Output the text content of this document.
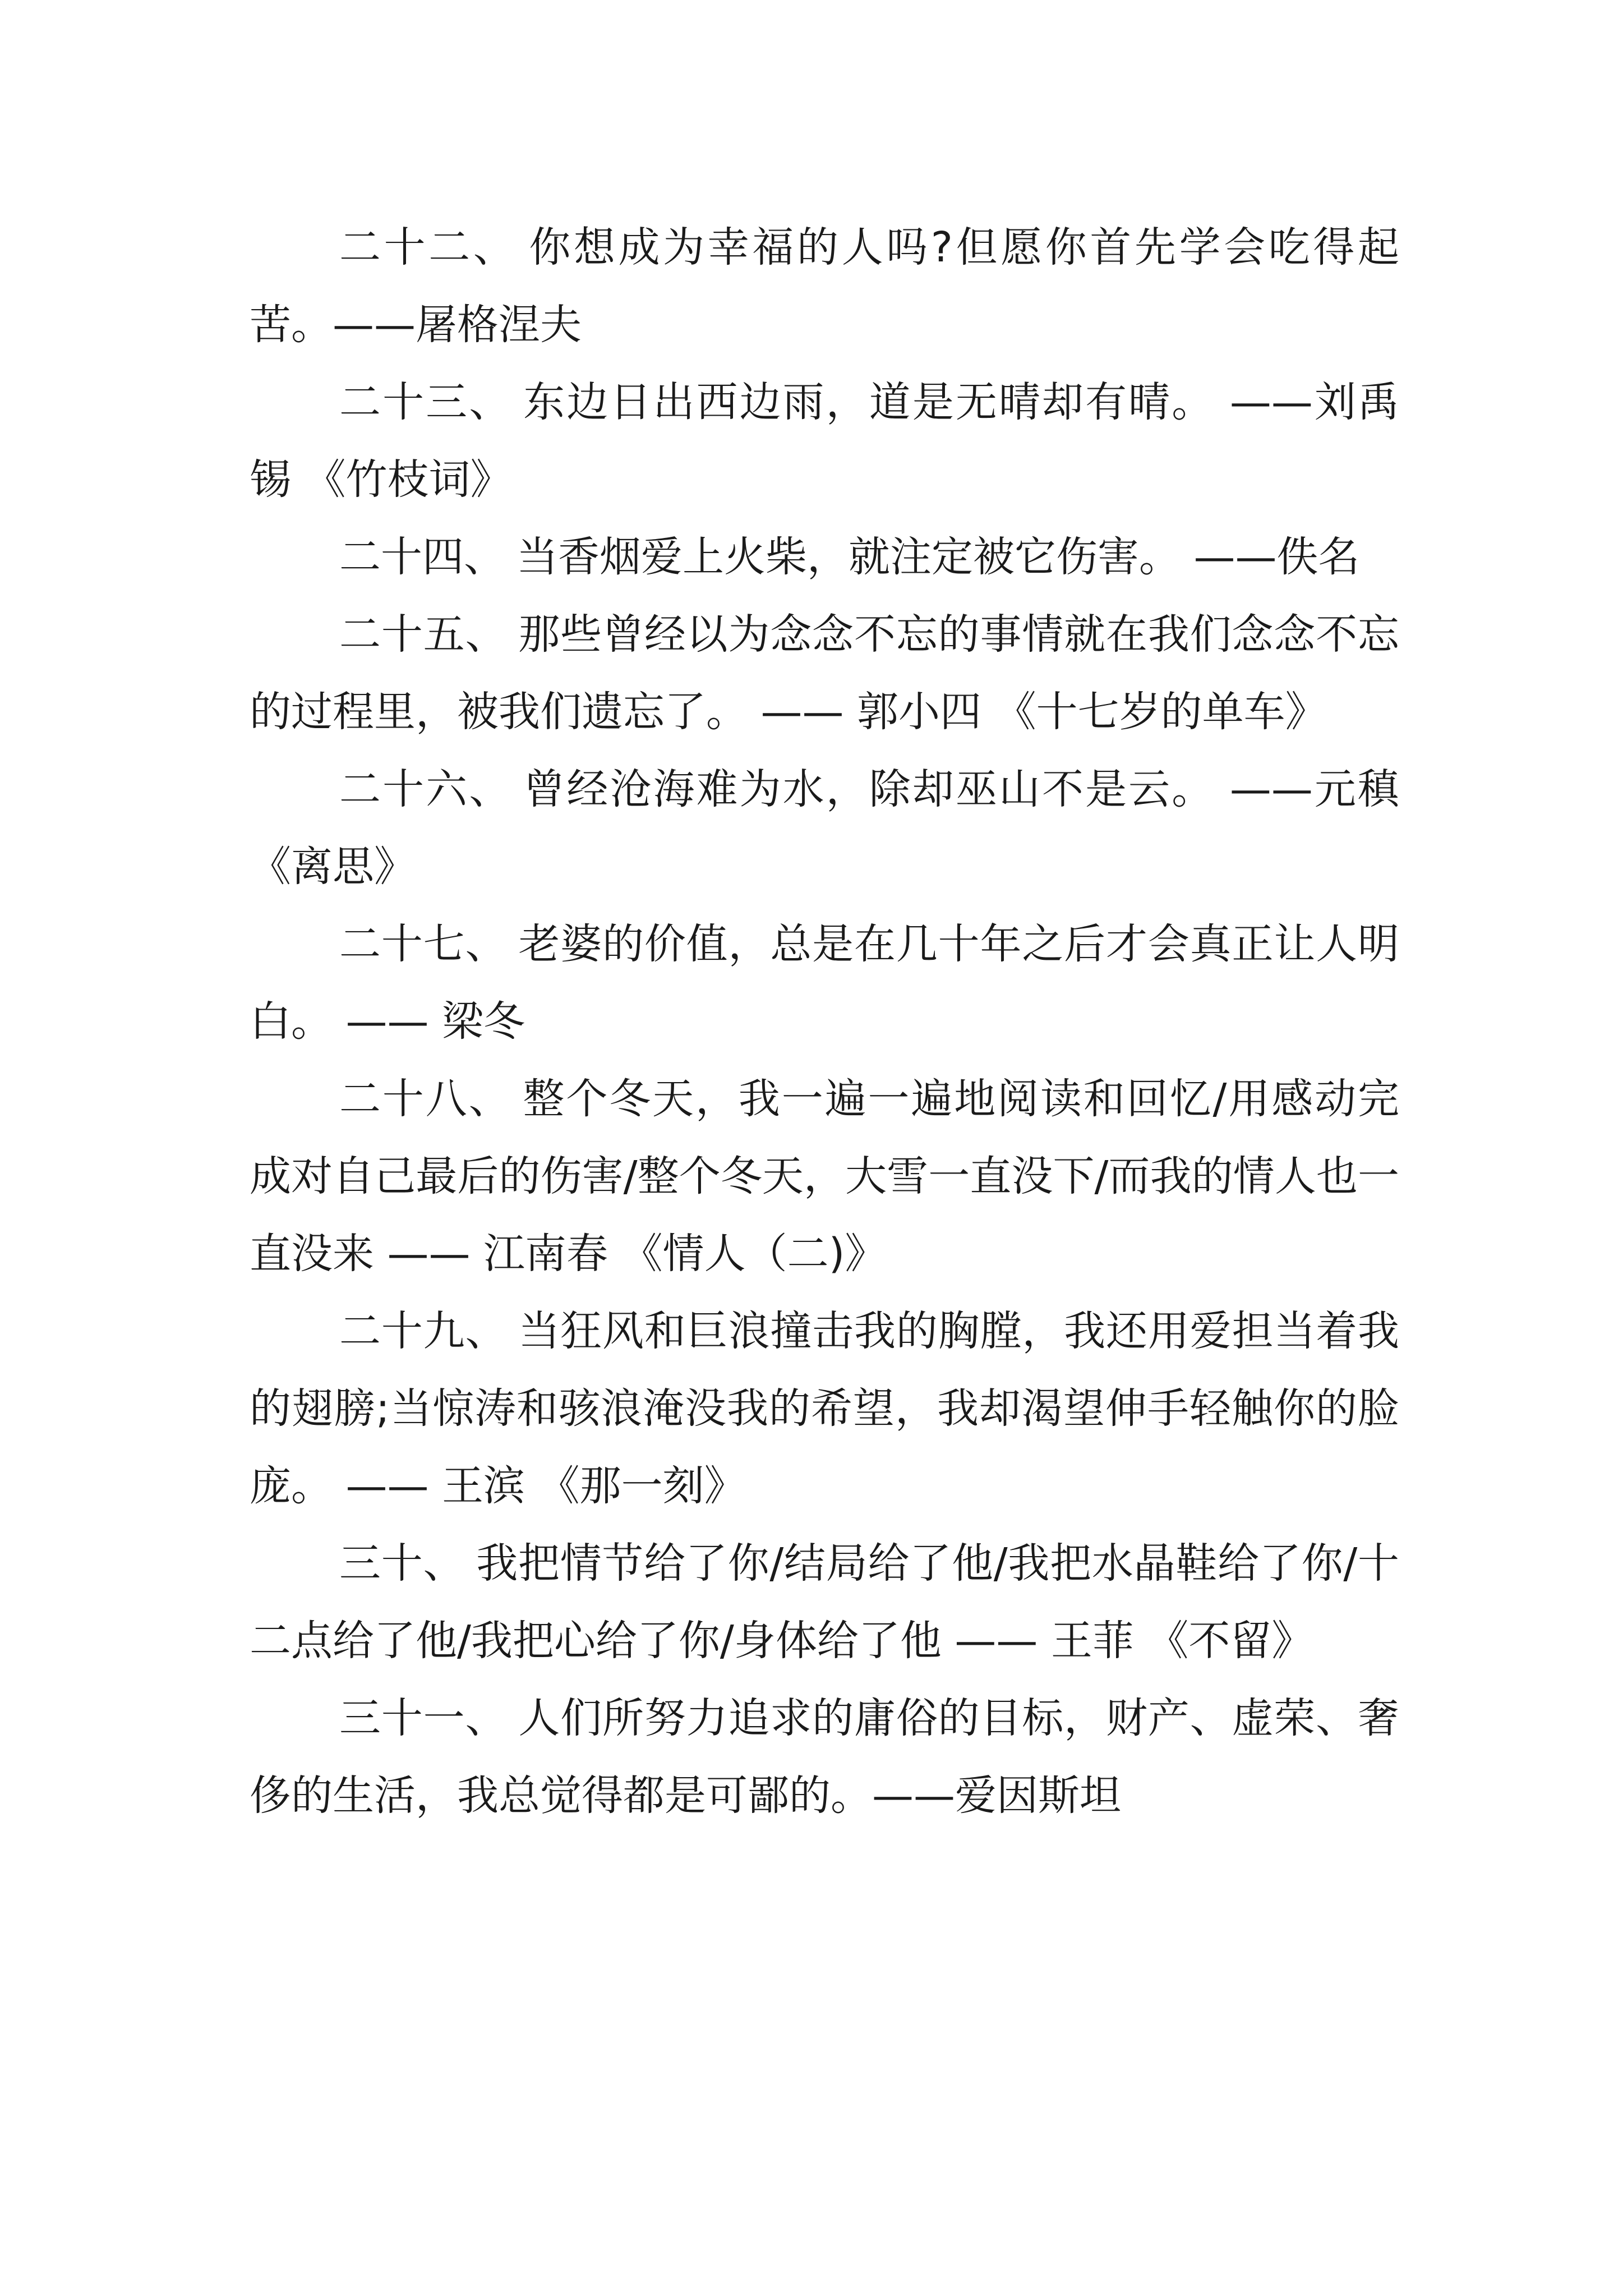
二十二、 你想成为幸福的人吗?但愿你首先学会吃得起苦。——屠格涅夫

二十三、 东边日出西边雨，道是无晴却有晴。 ——刘禹锡 《竹枝词》

二十四、 当香烟爱上火柴，就注定被它伤害。 ——佚名

二十五、 那些曾经以为念念不忘的事情就在我们念念不忘的过程里，被我们遗忘了。 —— 郭小四 《十七岁的单车》

二十六、 曾经沧海难为水，除却巫山不是云。 ——元稹 《离思》

二十七、 老婆的价值，总是在几十年之后才会真正让人明白。 —— 梁冬

二十八、 整个冬天，我一遍一遍地阅读和回忆/用感动完成对自己最后的伤害/整个冬天，大雪一直没下/而我的情人也一直没来 —— 江南春 《情人（二)》

二十九、 当狂风和巨浪撞击我的胸膛，我还用爱担当着我的翅膀;当惊涛和骇浪淹没我的希望，我却渴望伸手轻触你的脸庞。 —— 王滨 《那一刻》

三十、 我把情节给了你/结局给了他/我把水晶鞋给了你/十二点给了他/我把心给了你/身体给了他 —— 王菲 《不留》

三十一、 人们所努力追求的庸俗的目标，财产、虚荣、奢侈的生活，我总觉得都是可鄙的。——爱因斯坦
